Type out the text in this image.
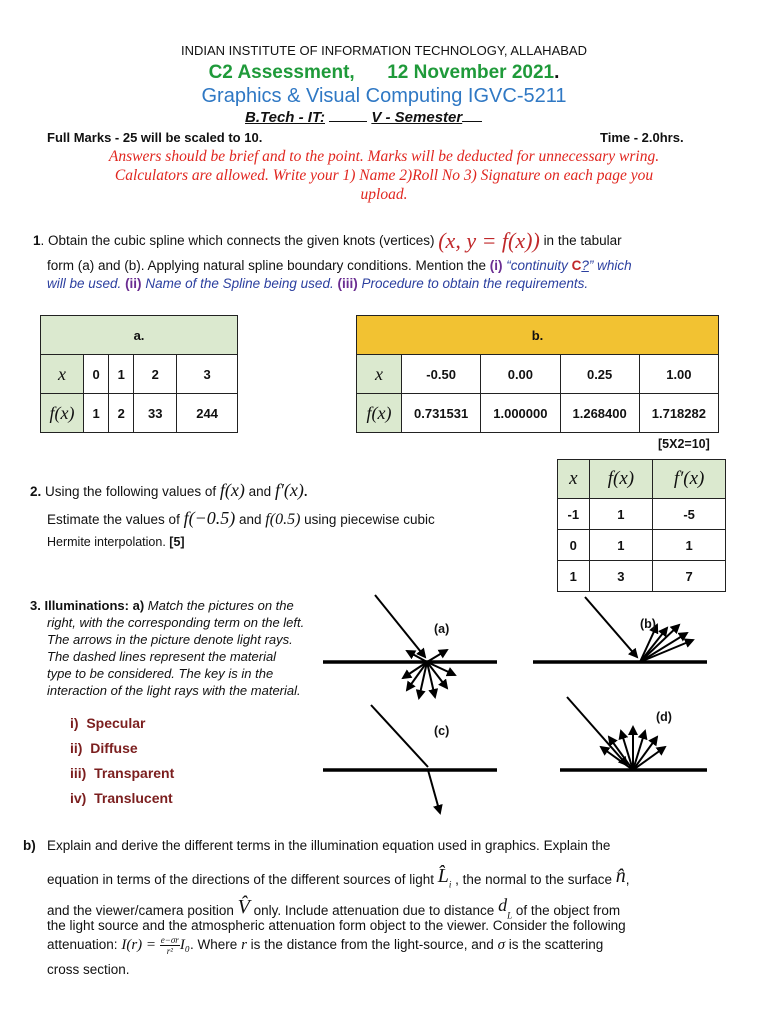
INDIAN INSTITUTE OF INFORMATION TECHNOLOGY, ALLAHABAD
C2 Assessment, 12 November 2021.
Graphics & Visual Computing IGVC-5211
B.Tech - IT:	V - Semester
Full Marks - 25 will be scaled to 10.	Time - 2.0hrs.
Answers should be brief and to the point. Marks will be deducted for unnecessary wring.
Calculators are allowed. Write your 1) Name 2)Roll No 3) Signature on each page you
upload.
1. Obtain the cubic spline which connects the given knots (vertices) (x, y = f(x)) in the tabular
form (a) and (b). Applying natural spline boundary conditions. Mention the (i) “continuity C?” which
will be used. (ii) Name of the Spline being used. (iii) Procedure to obtain the requirements.
a.				
x	0	1	2	3
f(x)	1	2	33	244
b.				
x	-0.50	0.00	0.25	1.00
f(x)	0.731531	1.000000	1.268400	1.718282
[5X2=10]
2. Using the following values of f(x) and f′(x).
Estimate the values of f(−0.5) and f(0.5) using piecewise cubic
Hermite interpolation. [5]
x	f(x)	f′(x)
-1	1	-5
0	1	1
1	3	7
3. Illuminations: a) Match the pictures on the
right, with the corresponding term on the left.
The arrows in the picture denote light rays.
The dashed lines represent the material
type to be considered. The key is in the
interaction of the light rays with the material.
i) Specular
ii) Diffuse
iii) Transparent
iv) Translucent
(a)	(b)
(c)
(d)
b) Explain and derive the different terms in the illumination equation used in graphics. Explain the
equation in terms of the directions of the different sources of light $L̂_i$ , the normal to the surface n̂,
and the viewer/camera position V̂ only. Include attenuation due to distance $d_L$ of the object from
the light source and the atmospheric attenuation form object to the viewer. Consider the following
attenuation: $I(r) = \frac{e-\sigma r}{\text{r²}} I_0$. Where r is the distance from the light-source, and σ is the scattering
cross section.
